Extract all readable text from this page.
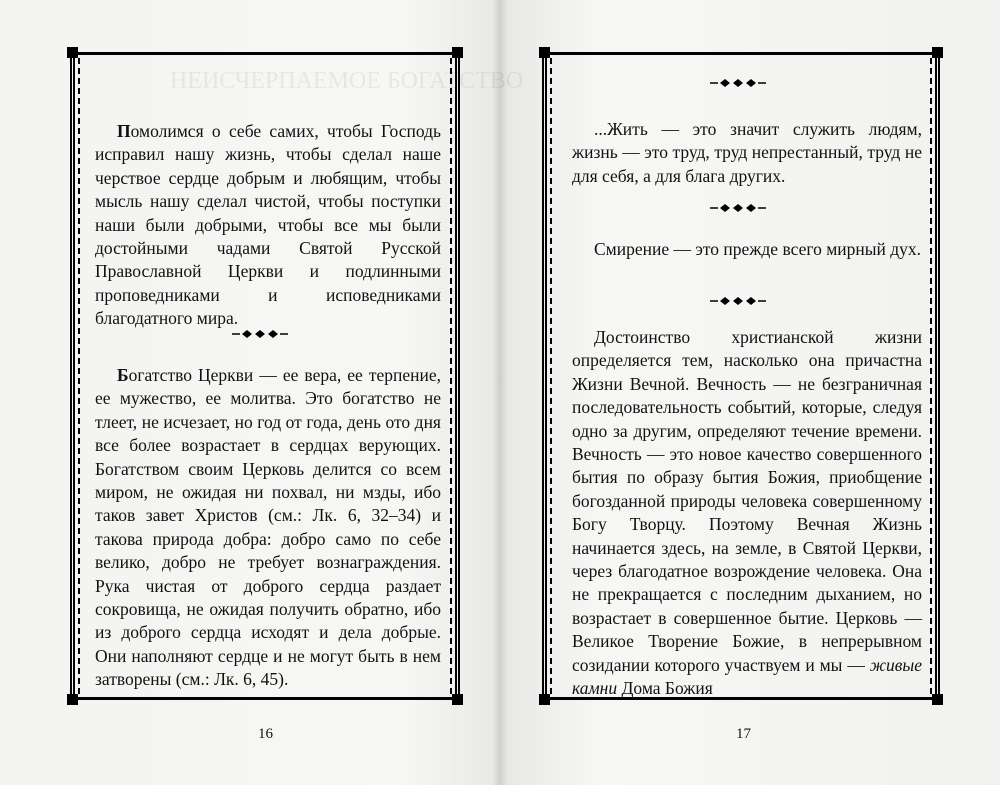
НЕИСЧЕРПАЕМОЕ БОГАТСТВО

Помолимся о себе самих, чтобы Господь исправил нашу жизнь, чтобы сделал наше черствое сердце добрым и любящим, чтобы мысль нашу сделал чистой, чтобы поступки наши были добрыми, чтобы все мы были достойными чадами Святой Русской Православной Церкви и подлинными проповедниками и исповедниками благодатного мира.

Богатство Церкви — ее вера, ее терпение, ее мужество, ее молитва. Это богатство не тлеет, не исчезает, но год от года, день ото дня все более возрастает в сердцах верующих. Богатством своим Церковь делится со всем миром, не ожидая ни похвал, ни мзды, ибо таков завет Христов (см.: Лк. 6, 32–34) и такова природа добра: добро само по себе велико, добро не требует вознаграждения. Рука чистая от доброго сердца раздает сокровища, не ожидая получить обратно, ибо из доброго сердца исходят и дела добрые. Они наполняют сердце и не могут быть в нем затворены (см.: Лк. 6, 45).

16

...Жить — это значит служить людям, жизнь — это труд, труд непрестанный, труд не для себя, а для блага других.

Смирение — это прежде всего мирный дух.

Достоинство христианской жизни определяется тем, насколько она причастна Жизни Вечной. Вечность — не безграничная последовательность событий, которые, следуя одно за другим, определяют течение времени. Вечность — это новое качество совершенного бытия по образу бытия Божия, приобщение богозданной природы человека совершенному Богу Творцу. Поэтому Вечная Жизнь начинается здесь, на земле, в Святой Церкви, через благодатное возрождение человека. Она не прекращается с последним дыханием, но возрастает в совершенное бытие. Церковь — Великое Творение Божие, в непрерывном созидании которого участвуем и мы — живые камни Дома Божия

17
